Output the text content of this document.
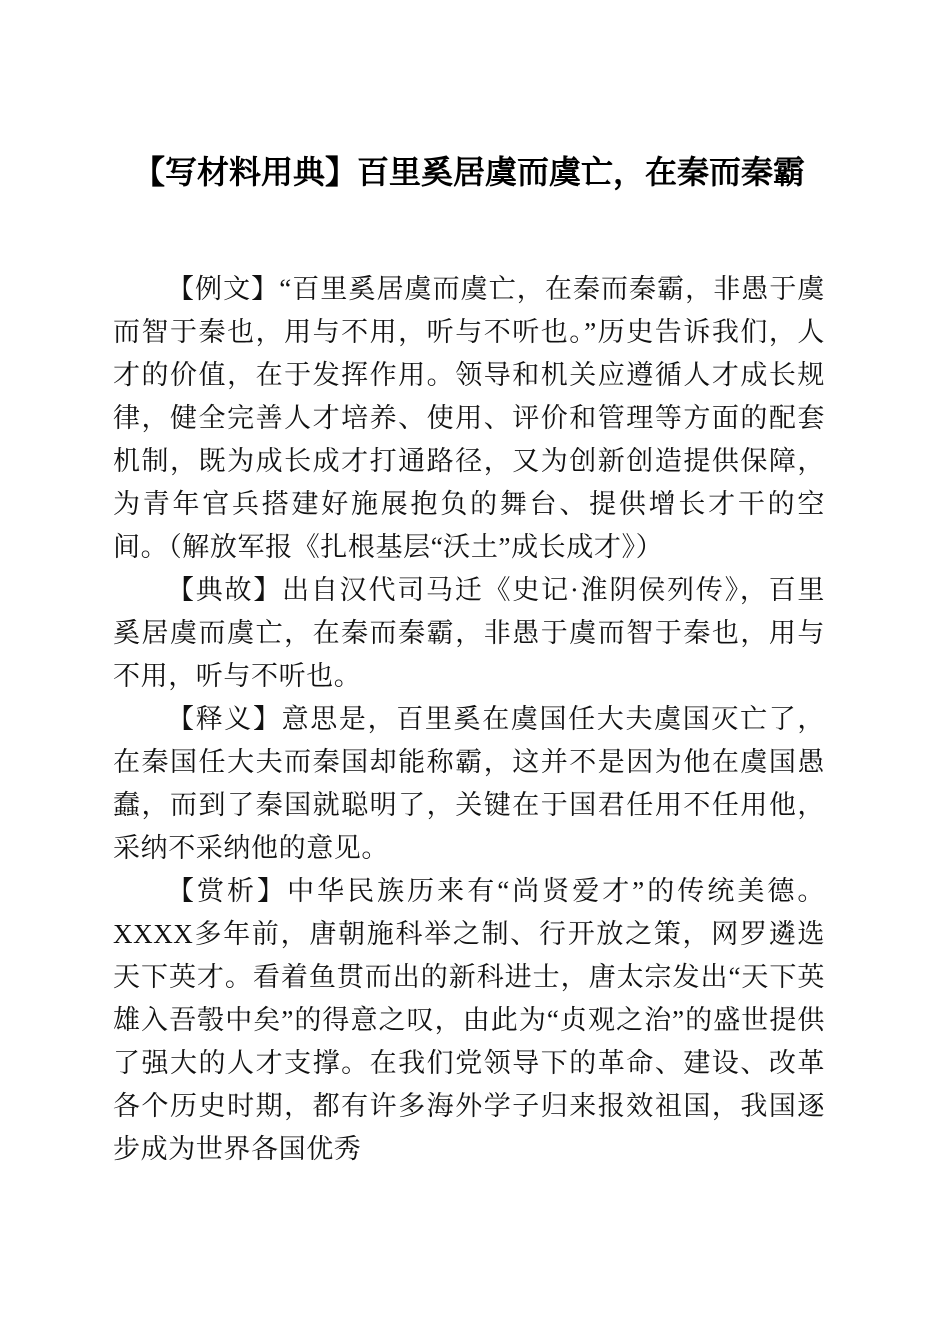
【写材料用典】百里奚居虞而虞亡，在秦而秦霸

【例文】“百里奚居虞而虞亡，在秦而秦霸，非愚于虞而智于秦也，用与不用，听与不听也。”历史告诉我们，人才的价值，在于发挥作用。领导和机关应遵循人才成长规律，健全完善人才培养、使用、评价和管理等方面的配套机制，既为成长成才打通路径，又为创新创造提供保障，为青年官兵搭建好施展抱负的舞台、提供增长才干的空间。（解放军报《扎根基层“沃土”成长成才》）

【典故】出自汉代司马迁《史记·淮阴侯列传》，百里奚居虞而虞亡，在秦而秦霸，非愚于虞而智于秦也，用与不用，听与不听也。

【释义】意思是，百里奚在虞国任大夫虞国灭亡了，在秦国任大夫而秦国却能称霸，这并不是因为他在虞国愚蠢，而到了秦国就聪明了，关键在于国君任用不任用他，采纳不采纳他的意见。

【赏析】中华民族历来有“尚贤爱才”的传统美德。XXXX多年前，唐朝施科举之制、行开放之策，网罗遴选天下英才。看着鱼贯而出的新科进士，唐太宗发出“天下英雄入吾彀中矣”的得意之叹，由此为“贞观之治”的盛世提供了强大的人才支撑。在我们党领导下的革命、建设、改革各个历史时期，都有许多海外学子归来报效祖国，我国逐步成为世界各国优秀
